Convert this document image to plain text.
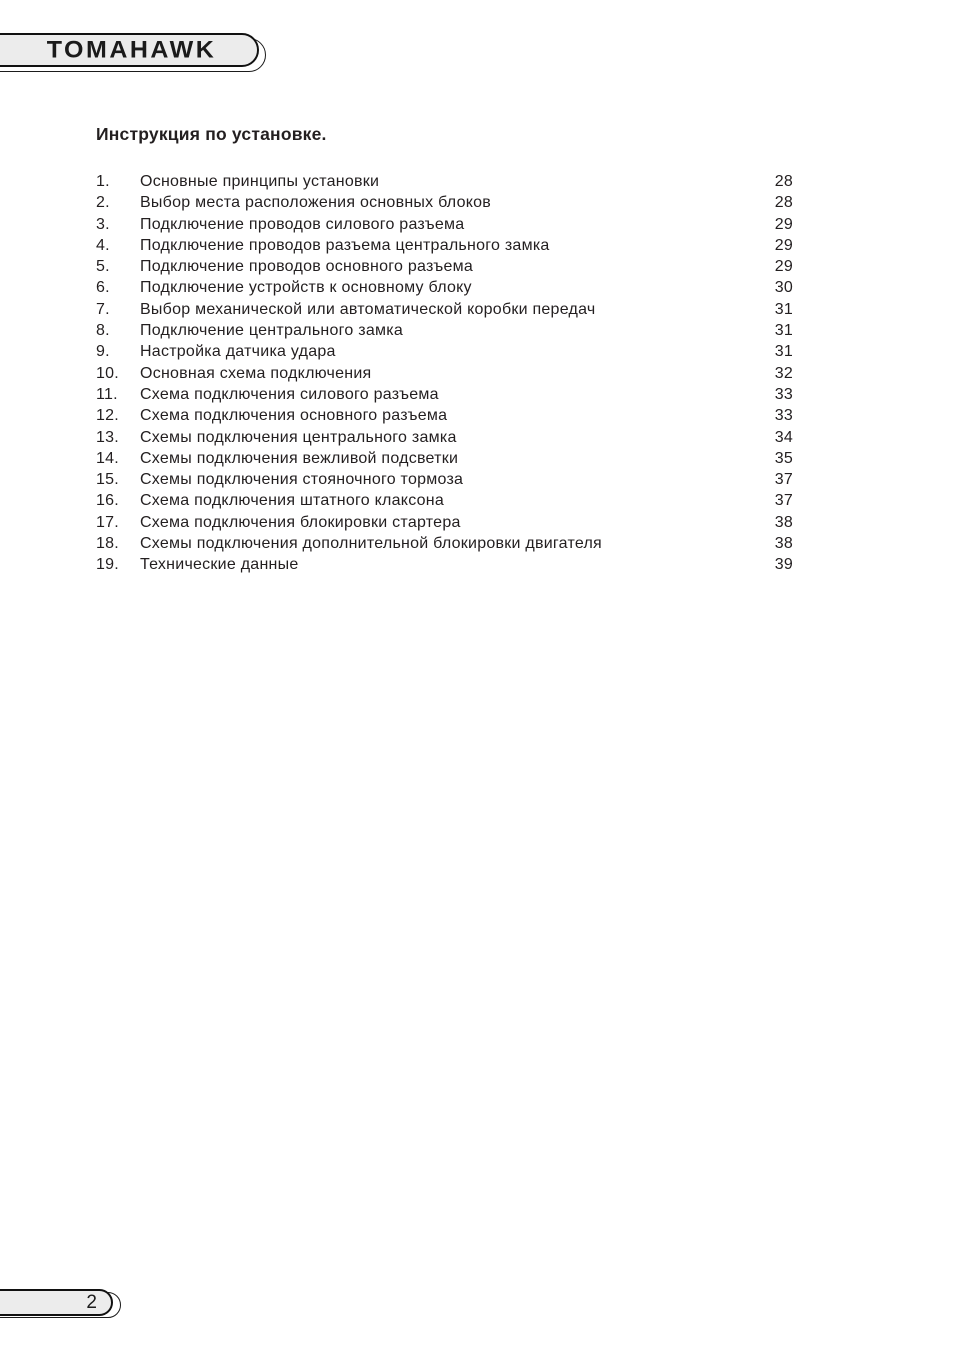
TOMAHAWK
Инструкция по установке.
1.	Основные принципы установки	28
2.	Выбор места расположения основных блоков	28
3.	Подключение проводов силового разъема	29
4.	Подключение проводов разъема центрального замка	29
5.	Подключение проводов основного разъема	29
6.	Подключение устройств к основному блоку	30
7.	Выбор механической или автоматической коробки передач	31
8.	Подключение центрального замка	31
9.	Настройка датчика удара	31
10.	Основная схема подключения	32
11.	Схема подключения силового разъема	33
12.	Схема подключения основного разъема	33
13.	Схемы подключения центрального замка	34
14.	Схемы подключения вежливой подсветки	35
15.	Схемы подключения стояночного тормоза	37
16.	Схема подключения штатного клаксона	37
17.	Схема подключения блокировки стартера	38
18.	Схемы подключения дополнительной блокировки двигателя	38
19.	Технические данные	39
2
